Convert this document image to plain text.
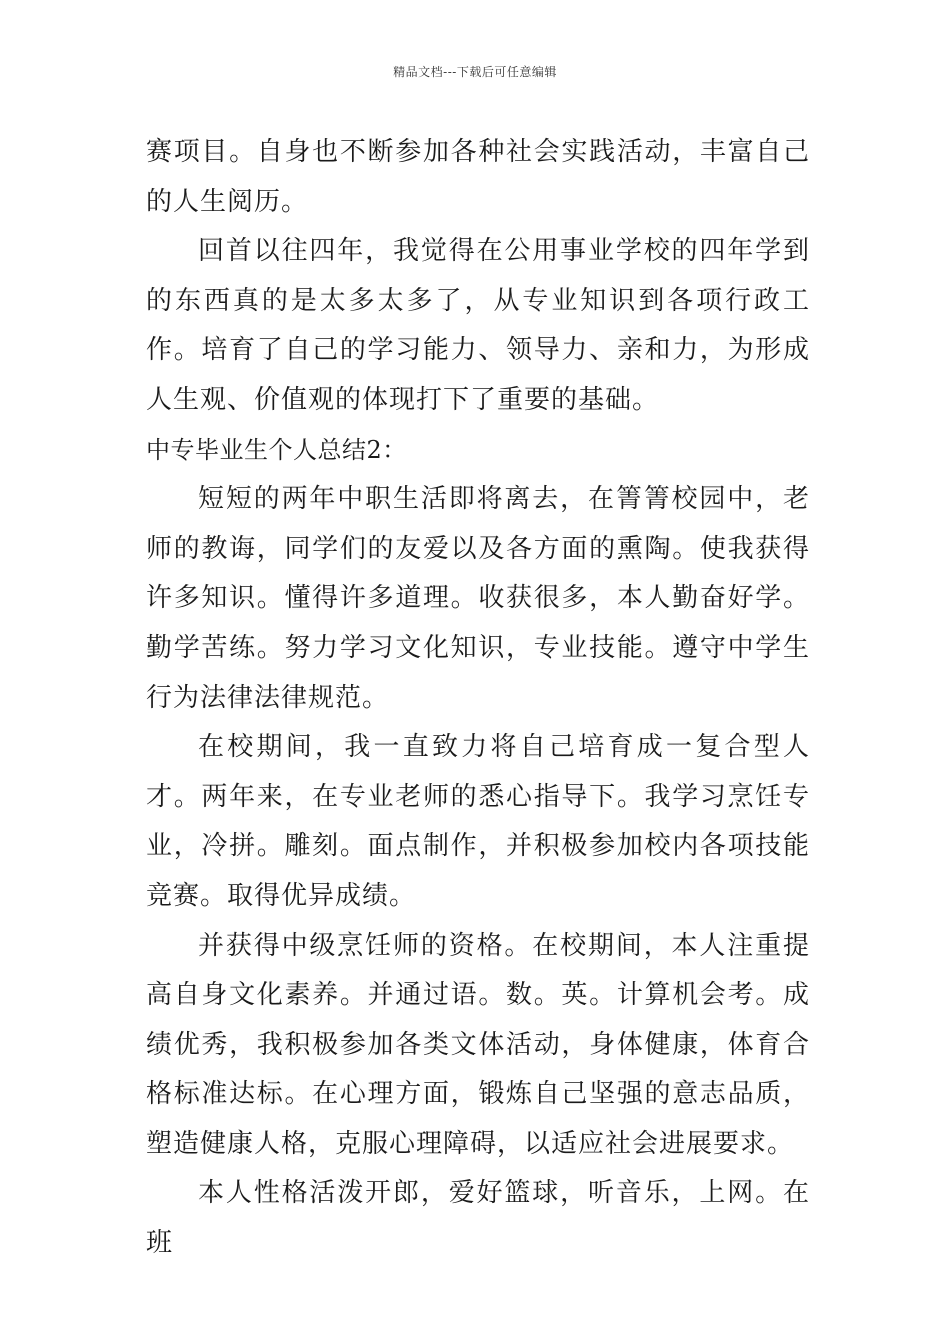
精品文档---下载后可任意编辑

赛项目。自身也不断参加各种社会实践活动，丰富自己的人生阅历。

回首以往四年，我觉得在公用事业学校的四年学到的东西真的是太多太多了，从专业知识到各项行政工作。培育了自己的学习能力、领导力、亲和力，为形成人生观、价值观的体现打下了重要的基础。

中专毕业生个人总结2：

短短的两年中职生活即将离去，在箐箐校园中，老师的教诲，同学们的友爱以及各方面的熏陶。使我获得许多知识。懂得许多道理。收获很多，本人勤奋好学。勤学苦练。努力学习文化知识，专业技能。遵守中学生行为法律法律规范。

在校期间，我一直致力将自己培育成一复合型人才。两年来，在专业老师的悉心指导下。我学习烹饪专业，冷拼。雕刻。面点制作，并积极参加校内各项技能竞赛。取得优异成绩。

并获得中级烹饪师的资格。在校期间，本人注重提高自身文化素养。并通过语。数。英。计算机会考。成绩优秀，我积极参加各类文体活动，身体健康，体育合格标准达标。在心理方面，锻炼自己坚强的意志品质，塑造健康人格，克服心理障碍，以适应社会进展要求。

本人性格活泼开郎，爱好篮球，听音乐，上网。在班
